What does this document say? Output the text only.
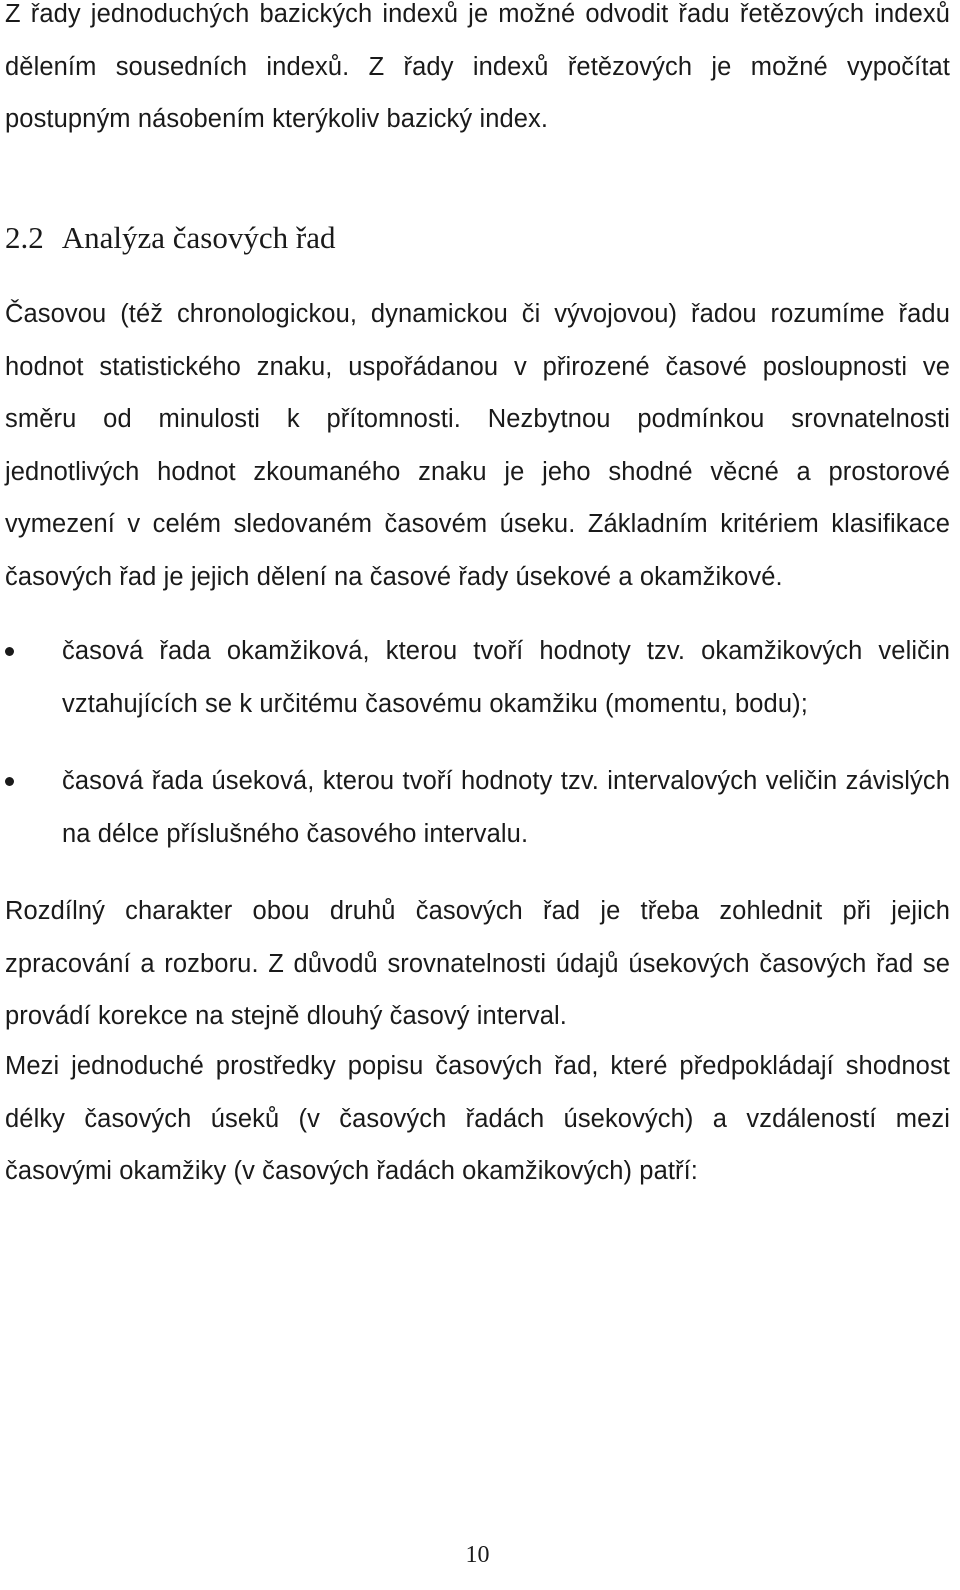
Z řady jednoduchých bazických indexů je možné odvodit řadu řetězových indexů dělením sousedních indexů. Z řady indexů řetězových je možné vypočítat postupným násobením kterýkoliv bazický index.

2.2 Analýza časových řad

Časovou (též chronologickou, dynamickou či vývojovou) řadou rozumíme řadu hodnot statistického znaku, uspořádanou v přirozené časové posloupnosti ve směru od minulosti k přítomnosti. Nezbytnou podmínkou srovnatelnosti jednotlivých hodnot zkoumaného znaku je jeho shodné věcné a prostorové vymezení v celém sledovaném časovém úseku. Základním kritériem klasifikace časových řad je jejich dělení na časové řady úsekové a okamžikové.

časová řada okamžiková, kterou tvoří hodnoty tzv. okamžikových veličin vztahujících se k určitému časovému okamžiku (momentu, bodu);
časová řada úseková, kterou tvoří hodnoty tzv. intervalových veličin závislých na délce příslušného časového intervalu.

Rozdílný charakter obou druhů časových řad je třeba zohlednit při jejich zpracování a rozboru. Z důvodů srovnatelnosti údajů úsekových časových řad se provádí korekce na stejně dlouhý časový interval.

Mezi jednoduché prostředky popisu časových řad, které předpokládají shodnost délky časových úseků (v časových řadách úsekových) a vzdáleností mezi časovými okamžiky (v časových řadách okamžikových) patří:

10
